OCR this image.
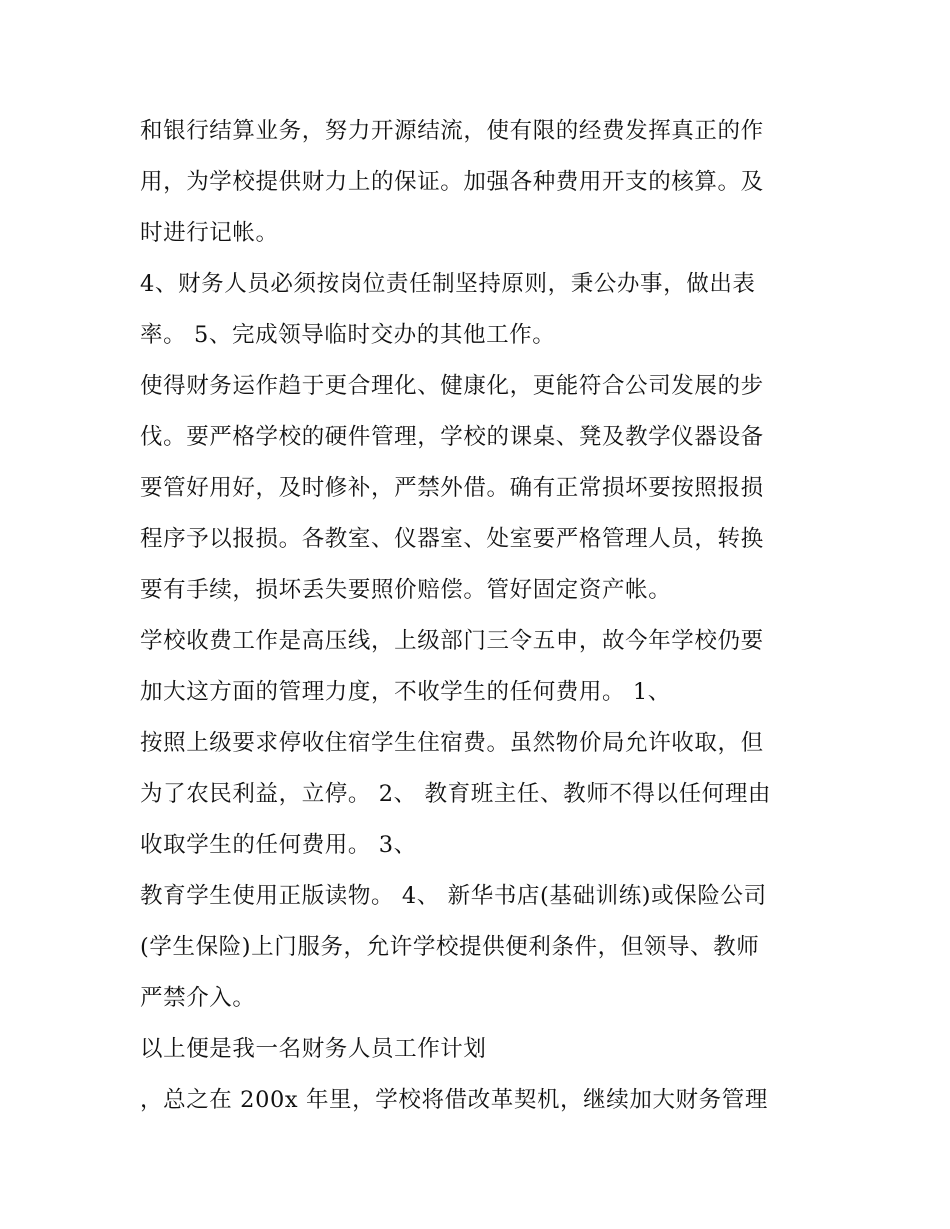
和银行结算业务，努力开源结流，使有限的经费发挥真正的作
用，为学校提供财力上的保证。加强各种费用开支的核算。及
时进行记帐。
4、财务人员必须按岗位责任制坚持原则，秉公办事，做出表
率。 5、完成领导临时交办的其他工作。
使得财务运作趋于更合理化、健康化，更能符合公司发展的步
伐。要严格学校的硬件管理，学校的课桌、凳及教学仪器设备
要管好用好，及时修补，严禁外借。确有正常损坏要按照报损
程序予以报损。各教室、仪器室、处室要严格管理人员，转换
要有手续，损坏丢失要照价赔偿。管好固定资产帐。
学校收费工作是高压线，上级部门三令五申，故今年学校仍要
加大这方面的管理力度，不收学生的任何费用。 1、
按照上级要求停收住宿学生住宿费。虽然物价局允许收取，但
为了农民利益，立停。 2、 教育班主任、教师不得以任何理由
收取学生的任何费用。 3、
教育学生使用正版读物。 4、 新华书店(基础训练)或保险公司
(学生保险)上门服务，允许学校提供便利条件，但领导、教师
严禁介入。
以上便是我一名财务人员工作计划
，总之在 200x 年里，学校将借改革契机，继续加大财务管理
